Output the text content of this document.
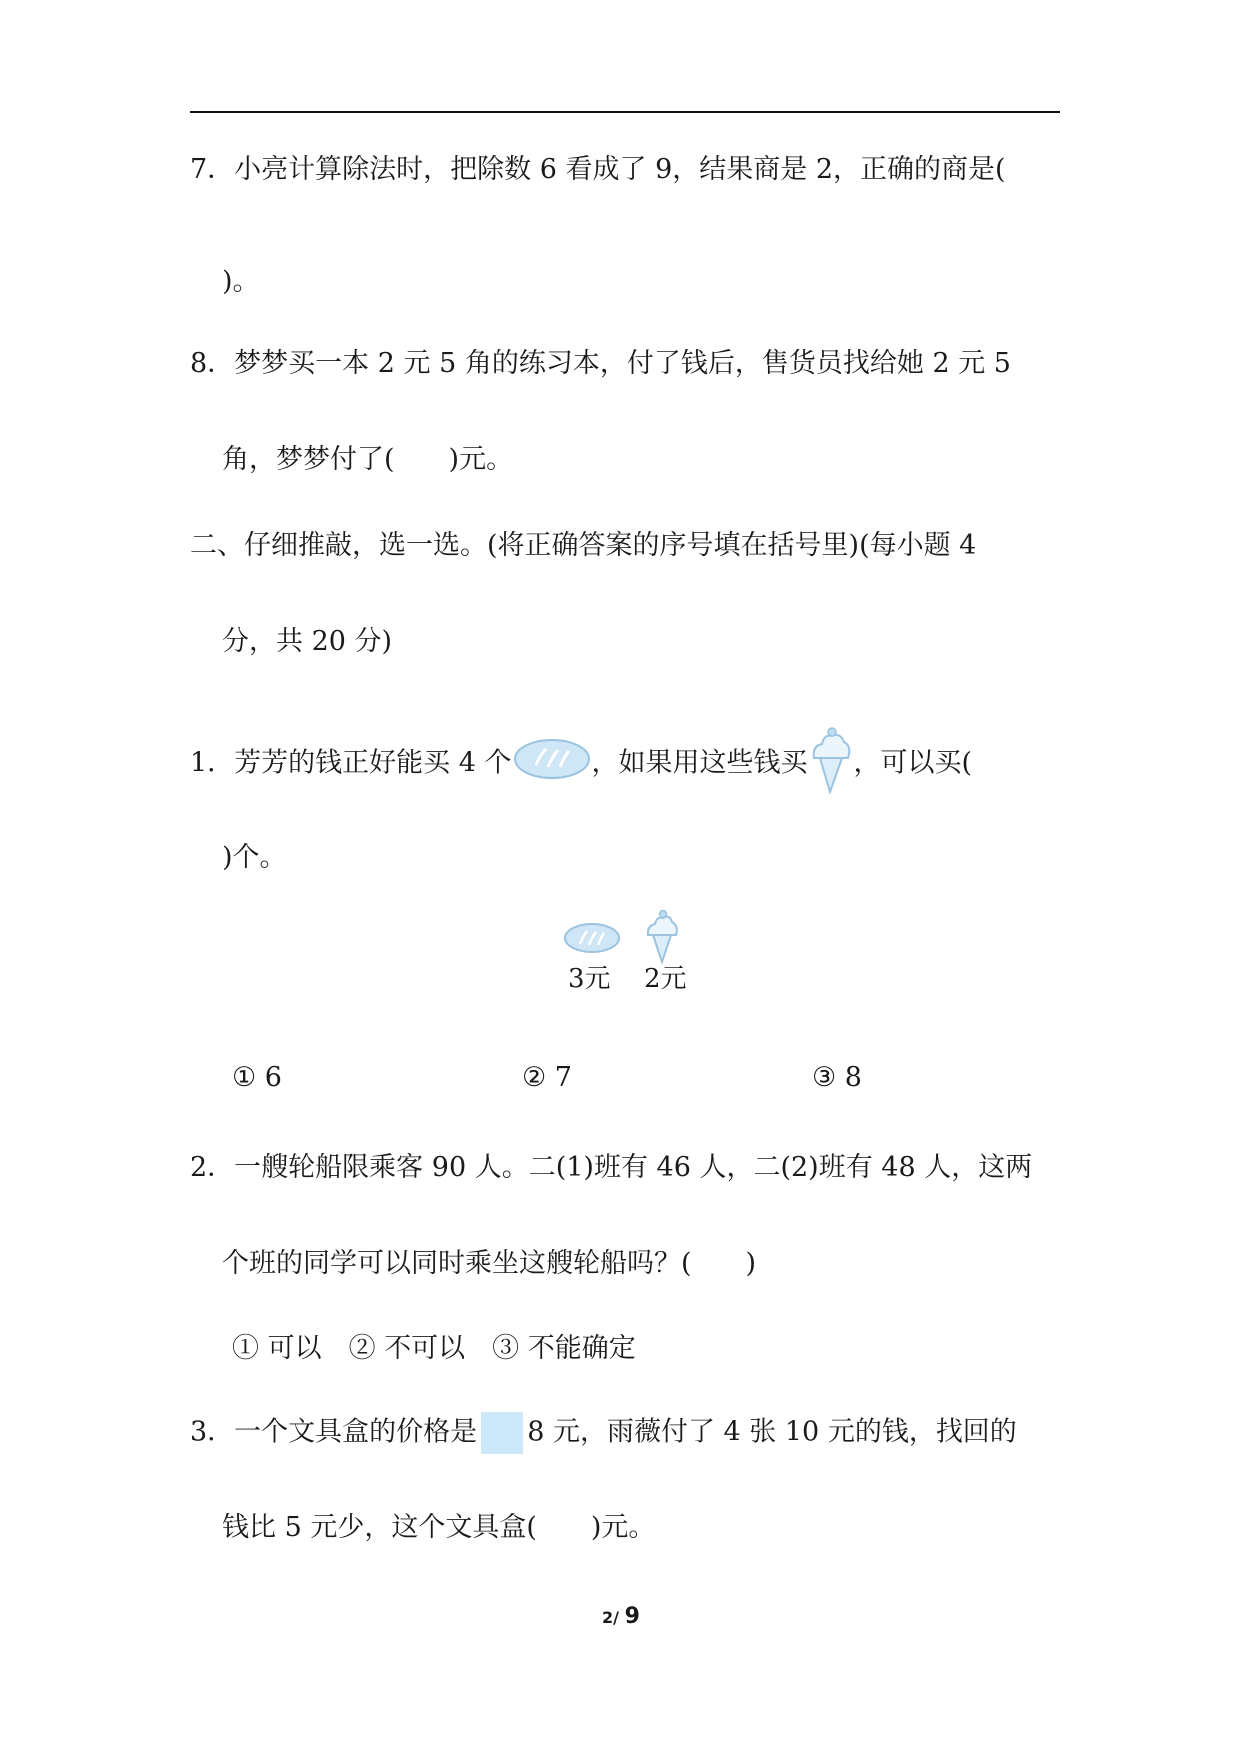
7．小亮计算除法时，把除数 6 看成了 9，结果商是 2，正确的商是(
)。
8．梦梦买一本 2 元 5 角的练习本，付了钱后，售货员找给她 2 元 5
角，梦梦付了(　　)元。
二、仔细推敲，选一选。(将正确答案的序号填在括号里)(每小题 4
分，共 20 分)
1．芳芳的钱正好能买 4 个	，如果用这些钱买 ，可以买(
)个。
3元 2元
① 6	② 7	③ 8
2．一艘轮船限乘客 90 人。二(1)班有 46 人，二(2)班有 48 人，这两
个班的同学可以同时乘坐这艘轮船吗？(　　)
① 可以　② 不可以　③ 不能确定
3．一个文具盒的价格是 8 元，雨薇付了 4 张 10 元的钱，找回的
钱比 5 元少，这个文具盒(　　)元。
2/ 9
